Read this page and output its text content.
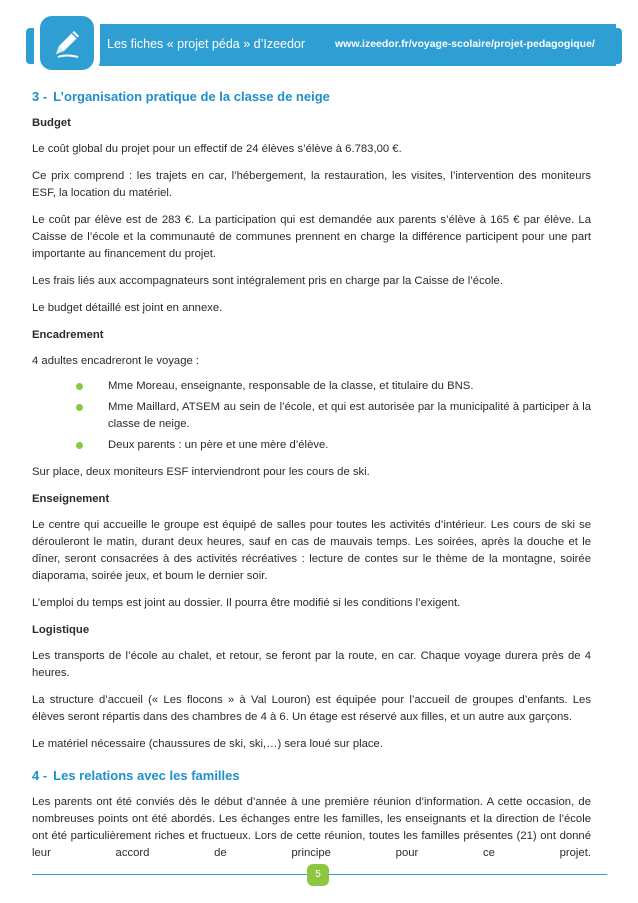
Les fiches « projet péda » d’Izeedor	www.izeedor.fr/voyage-scolaire/projet-pedagogique/
3 - L’organisation pratique de la classe de neige
Budget

Le coût global du projet pour un effectif de 24 élèves s’élève à 6.783,00 €.

Ce prix comprend : les trajets en car, l’hébergement, la restauration, les visites, l’intervention des moniteurs ESF, la location du matériel.

Le coût par élève est de 283 €. La participation qui est demandée aux parents s’élève à 165 € par élève. La Caisse de l’école et la communauté de communes prennent en charge la différence participent pour une part importante au financement du projet.

Les frais liés aux accompagnateurs sont intégralement pris en charge par la Caisse de l’école.

Le budget détaillé est joint en annexe.

Encadrement

4 adultes encadreront le voyage :

Mme Moreau, enseignante, responsable de la classe, et titulaire du BNS.
Mme Maillard, ATSEM au sein de l’école, et qui est autorisée par la municipalité à participer à la classe de neige.
Deux parents : un père et une mère d’élève.

Sur place, deux moniteurs ESF interviendront pour les cours de ski.

Enseignement

Le centre qui accueille le groupe est équipé de salles pour toutes les activités d’intérieur. Les cours de ski se dérouleront le matin, durant deux heures, sauf en cas de mauvais temps. Les soirées, après la douche et le dîner, seront consacrées à des activités récréatives : lecture de contes sur le thème de la montagne, soirée diaporama, soirée jeux, et boum le dernier soir.

L’emploi du temps est joint au dossier. Il pourra être modifié si les conditions l’exigent.

Logistique

Les transports de l’école au chalet, et retour, se feront par la route, en car. Chaque voyage durera près de 4 heures.

La structure d’accueil (« Les flocons » à Val Louron) est équipée pour l’accueil de groupes d’enfants. Les élèves seront répartis dans des chambres de 4 à 6. Un étage est réservé aux filles, et un autre aux garçons.

Le matériel nécessaire (chaussures de ski, ski,…) sera loué sur place.

4 - Les relations avec les familles

Les parents ont été conviés dès le début d’année à une première réunion d’information. A cette occasion, de nombreuses points ont été abordés. Les échanges entre les familles, les enseignants et la direction de l’école ont été particulièrement riches et fructueux. Lors de cette réunion, toutes les familles présentes (21) ont donné leur accord de principe pour ce projet.

5
